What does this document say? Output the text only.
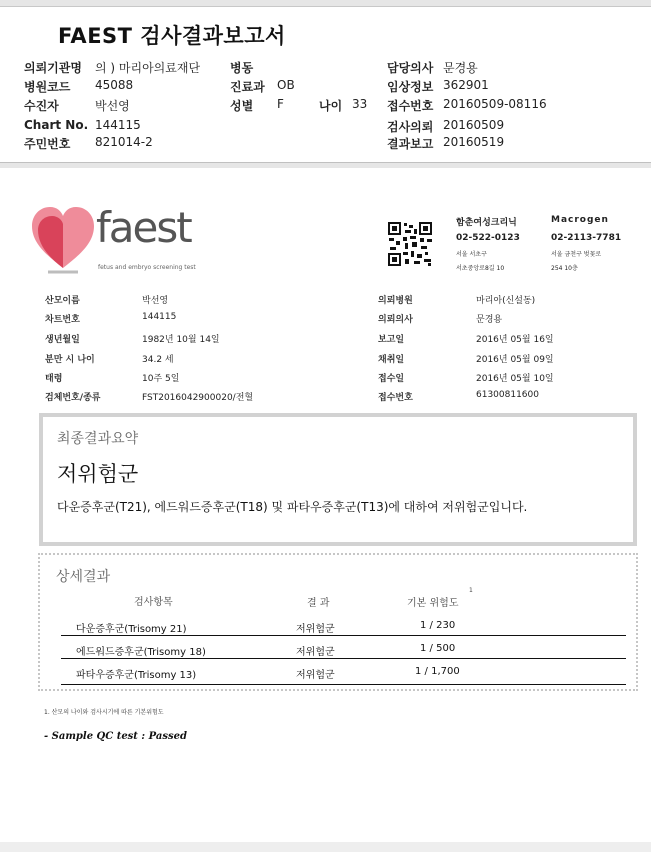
FAEST 검사결과보고서
의뢰기관명 의 ) 마리아의료재단
병원코드 45088
수진자	박선영
Chart No. 144115
주민번호 821014-2
병동
진료과 OB
성별 F	나이 33
담당의사 문경용
임상정보 362901
접수번호 20160509-08116
검사의뢰 20160509
결과보고 20160519
faest
fetus and embryo screening test
함춘여성크리닉
02-522-0123
서울 서초구
서초중앙로8길 10
Macrogen
02-2113-7781
서울 금천구 벚꽃로
254 10층
산모이름	박선영
차트번호	144115
생년월일	1982년 10월 14일
분만 시 나이	34.2 세
태령	10주 5일
검체번호/종류	FST2016042900020/전혈
의뢰병원	마리아(신설동)
의뢰의사	문경용
보고일	2016년 05월 16일
채취일	2016년 05월 09일
접수일	2016년 05월 10일
접수번호	61300811600
최종결과요약
저위험군
다운증후군(T21), 에드워드증후군(T18) 및 파타우증후군(T13)에 대하여 저위험군입니다.
상세결과
검사항목	결 과	기본 위험도
1
다운증후군(Trisomy 21)	저위험군	1 / 230
에드워드증후군(Trisomy 18)	저위험군	1 / 500
파타우증후군(Trisomy 13)	저위험군	1 / 1,700
1. 산모의 나이와 검사시기에 따른 기본위험도
- Sample QC test : Passed
